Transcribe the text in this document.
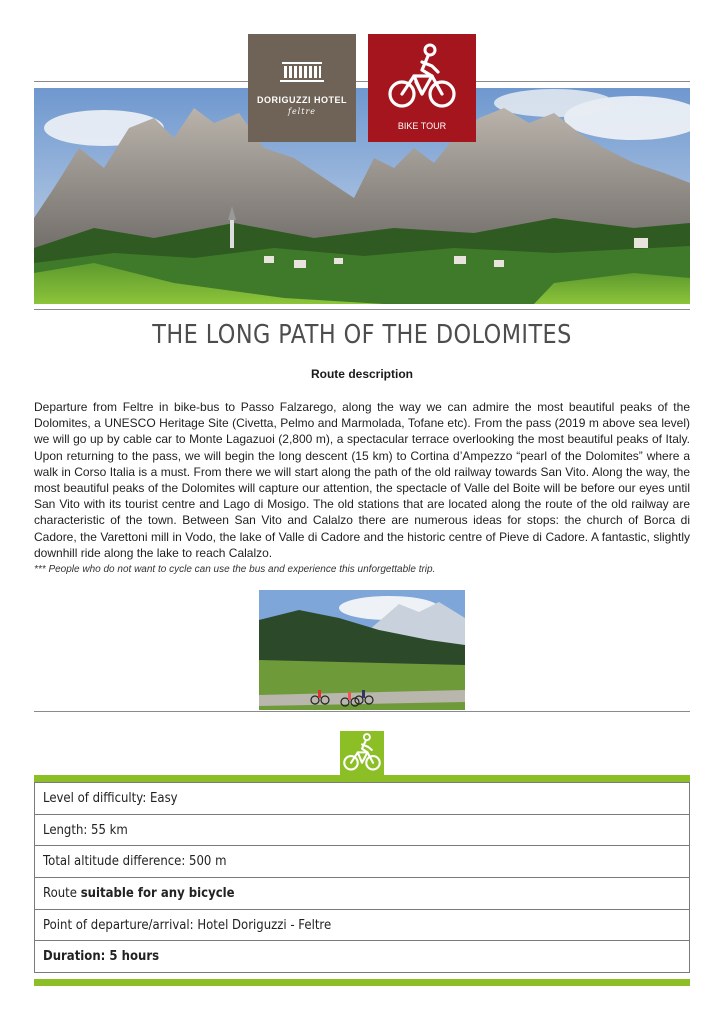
DORIGUZZI HOTEL
feltre
BIKE TOUR
THE LONG PATH OF THE DOLOMITES

Route description

Departure from Feltre in bike-bus to Passo Falzarego, along the way we can admire the most beautiful peaks of the Dolomites, a UNESCO Heritage Site (Civetta, Pelmo and Marmolada, Tofane etc). From the pass (2019 m above sea level) we will go up by cable car to Monte Lagazuoi (2,800 m), a spectacular terrace overlooking the most beautiful peaks of Italy. Upon returning to the pass, we will begin the long descent (15 km) to Cortina d’Ampezzo “pearl of the Dolomites” where a walk in Corso Italia is a must. From there we will start along the path of the old railway towards San Vito. Along the way, the most beautiful peaks of the Dolomites will capture our attention, the spectacle of Valle del Boite will be before our eyes until San Vito with its tourist centre and Lago di Mosigo. The old stations that are located along the route of the old railway are characteristic of the town. Between San Vito and Calalzo there are numerous ideas for stops: the church of Borca di Cadore, the Varettoni mill in Vodo, the lake of Valle di Cadore and the historic centre of Pieve di Cadore. A fantastic, slightly downhill ride along the lake to reach Calalzo.

*** People who do not want to cycle can use the bus and experience this unforgettable trip.

Level of difficulty: Easy
Length: 55 km
Total altitude difference: 500 m
Route suitable for any bicycle
Point of departure/arrival: Hotel Doriguzzi - Feltre
Duration: 5 hours
